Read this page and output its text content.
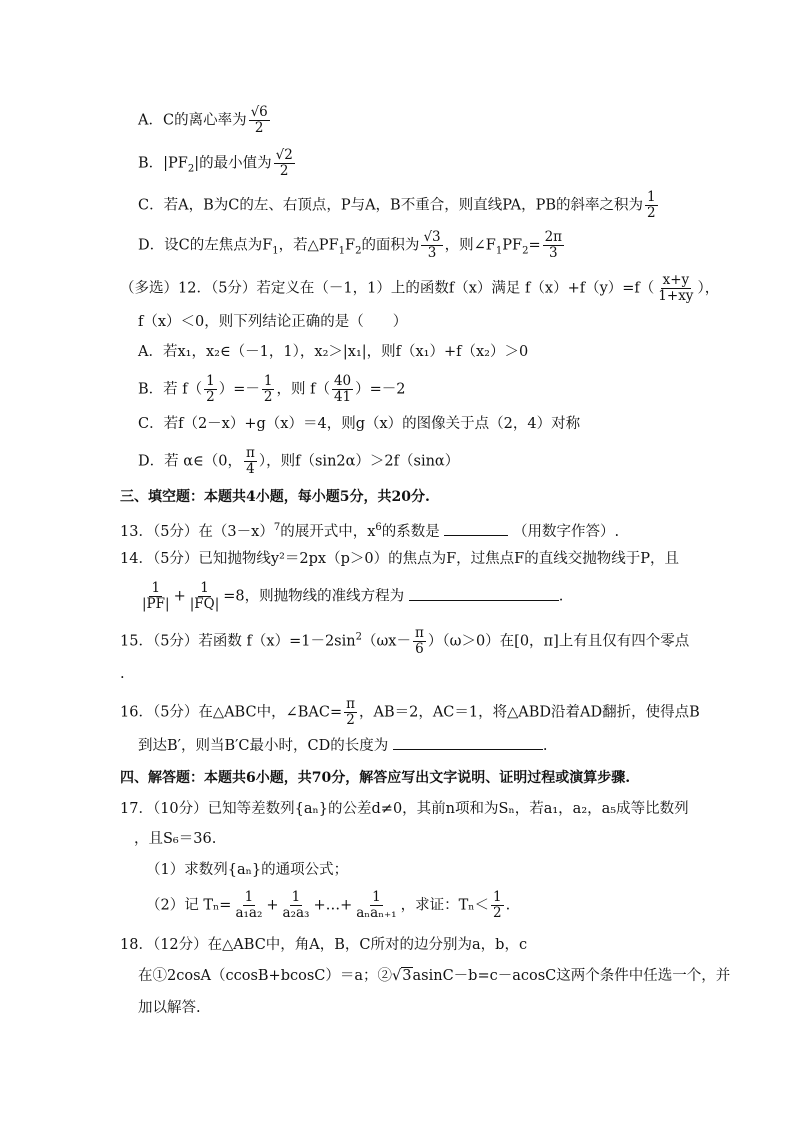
A．C的离心率为 $\frac{√6}{2}$
B．$|PF_2|$的最小值为 $\frac{√2}{2}$
C．若A，B为C的左、右顶点，P与A，B不重合，则直线PA，PB的斜率之积为 $\frac{1}{2}$
D．设C的左焦点为$F_1$，若$\triangle PF_1F_2$的面积为 $\frac{√3}{3}$ ，则$\angle F_1PF_2= \frac{2\pi}{3}$
（多选）12．（5分）若定义在（－1，1）上的函数f（x）满足 $f(x)+f(y)=f( \frac{x+y}{1+xy}$ ），
f（x）＜0，则下列结论正确的是（　　）
A．若x₁，x₂∈（－1，1），x₂＞|x₁|，则f（x₁）+f（x₂）＞0
B．若 $f( \frac{1}{2}$ ）=－ $\frac{1}{2}$ ，则 $f( \frac{40}{41} )=-2$
C．若f（2－x）+g（x）＝4，则g（x）的图像关于点（2，4）对称
D．若 α∈（0， $\frac{\pi}{4}$ ），则f（sin2α）＞2f（sinα）
三、填空题：本题共4小题，每小题5分，共20分.
13．（5分）在$(3-x)^7$的展开式中，$x^6$的系数是	（用数字作答）.
14．（5分）已知抛物线y²＝2px（p＞0）的焦点为F，过焦点F的直线交抛物线于P，且
$\frac{1}{|PF|} + \frac{1}{|FQ|} =8$，则抛物线的准线方程为	.
15．（5分）若函数 $f(x)=1-2\sin^2(\omega x- \frac{\pi}{6} )(\omega>0)$在[0，π]上有且仅有四个零点
.
16．（5分）在△ABC中，∠BAC= $\frac{\pi}{2}$ ，AB＝2，AC＝1，将△ABD沿着AD翻折，使得点B
到达B′，则当B′C最小时，CD的长度为	.
四、解答题：本题共6小题，共70分，解答应写出文字说明、证明过程或演算步骤.
17．（10分）已知等差数列{aₙ}的公差d≠0，其前n项和为Sₙ，若a₁，a₂，a₅成等比数列
，且S₆＝36.
（1）求数列{aₙ}的通项公式；
（2）记 $T_n= \frac{1}{\text{a₁a₂}} + \frac{1}{\text{a₂a₃}}$ +…+ $\frac{1}{\text{aₙaₙ₊₁}}$ ，求证：$T_n< \frac{1}{2}$ .
18．（12分）在△ABC中，角A，B，C所对的边分别为a，b，c
在①2cosA（ccosB+bcosC）＝a；②√3asinC－b=c－acosC这两个条件中任选一个，并
加以解答.
